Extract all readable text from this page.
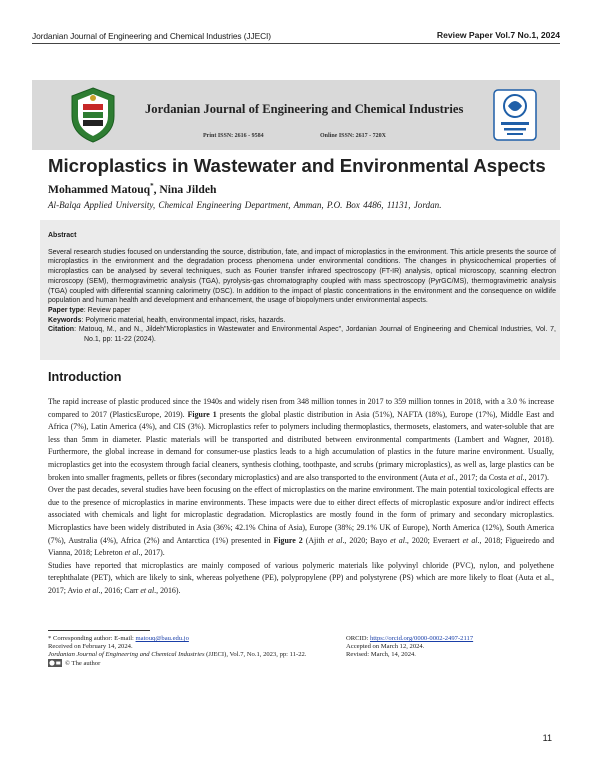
Jordanian Journal of Engineering and Chemical Industries (JJECI)	Review Paper Vol.7 No.1, 2024
Jordanian Journal of Engineering and Chemical Industries
Print ISSN: 2616 - 9584	Online ISSN: 2617 - 720X
Microplastics in Wastewater and Environmental Aspects
Mohammed Matouq*, Nina Jildeh
Al-Balqa Applied University, Chemical Engineering Department, Amman, P.O. Box 4486, 11131, Jordan.
Abstract

Several research studies focused on understanding the source, distribution, fate, and impact of microplastics in the environment. This article presents the source of microplastics in the environment and the degradation process phenomena under environmental conditions. The changes in physicochemical properties of microplastics can be analysed by several techniques, such as Fourier transfer infrared spectroscopy (FT-IR) analysis, optical microscopy, scanning electron microscopy (SEM), thermogravimetric analysis (TGA), pyrolysis-gas chromatography coupled with mass spectroscopy (PyrGC/MS), thermogravimetric analysis (TGA) coupled with differential scanning calorimetry (DSC). In addition to the impact of plastic concentrations in the environment and the consequence on wildlife population and human health and development and enhancement, the usage of biopolymers under environmental aspects.

Paper type: Review paper

Keywords: Polymeric material, health, environmental impact, risks, hazards.

Citation: Matouq, M., and N., Jildeh"Microplastics in Wastewater and Environmental Aspec", Jordanian Journal of Engineering and Chemical Industries, Vol. 7, No.1, pp: 11-22 (2024).

Introduction

The rapid increase of plastic produced since the 1940s and widely risen from 348 million tonnes in 2017 to 359 million tonnes in 2018, with a 3.0 % increase compared to 2017 (PlasticsEurope, 2019). Figure 1 presents the global plastic distribution in Asia (51%), NAFTA (18%), Europe (17%), Middle East and Africa (7%), Latin America (4%), and CIS (3%). Microplastics refer to polymers including thermoplastics, thermosets, elastomers, and water-soluble that are less than 5mm in diameter. Plastic materials will be transported and distributed between environmental compartments (Lambert and Wagner, 2018). Furthermore, the global increase in demand for consumer-use plastics leads to a high accumulation of plastics in the future marine environment. Usually, microplastics get into the ecosystem through facial cleaners, synthesis clothing, toothpaste, and scrubs (primary microplastics), as well as, large plastics can be broken into smaller fragments, pellets or fibres (secondary microplastics) and are also transported to the environment (Auta et al., 2017; da Costa et al., 2017).

Over the past decades, several studies have been focusing on the effect of microplastics on the marine environment. The main potential toxicological effects are due to the presence of microplastics in marine environments. These impacts were due to either direct effects of microplastic exposure and/or indirect effects associated with chemicals and light for microplastic degradation. Microplastics are mostly found in the form of primary and secondary microplastics. Microplastics have been widely distributed in Asia (36%; 42.1% China of Asia), Europe (38%; 29.1% UK of Europe), North America (12%), South America (7%), Australia (4%), Africa (2%) and Antarctica (1%) presented in Figure 2 (Ajith et al., 2020; Bayo et al., 2020; Everaert et al., 2018; Figueiredo and Vianna, 2018; Lebreton et al., 2017).

Studies have reported that microplastics are mainly composed of various polymeric materials like polyvinyl chloride (PVC), nylon, and polyethene terephthalate (PET), which are likely to sink, whereas polyethene (PE), polypropylene (PP) and polystyrene (PS) which are more likely to float (Auta et al., 2017; Avio et al., 2016; Carr et al., 2016).

* Corresponding author: E-mail: matouq@bau.edu.jo	ORCID: https://orcid.org/0000-0002-2497-2117
Received on February 14, 2024.	Accepted on March 12, 2024.
Jordanian Journal of Engineering and Chemical Industries (JJECI), Vol.7, No.1, 2023, pp: 11-22.	Revised: March, 14, 2024.
© The author
11
